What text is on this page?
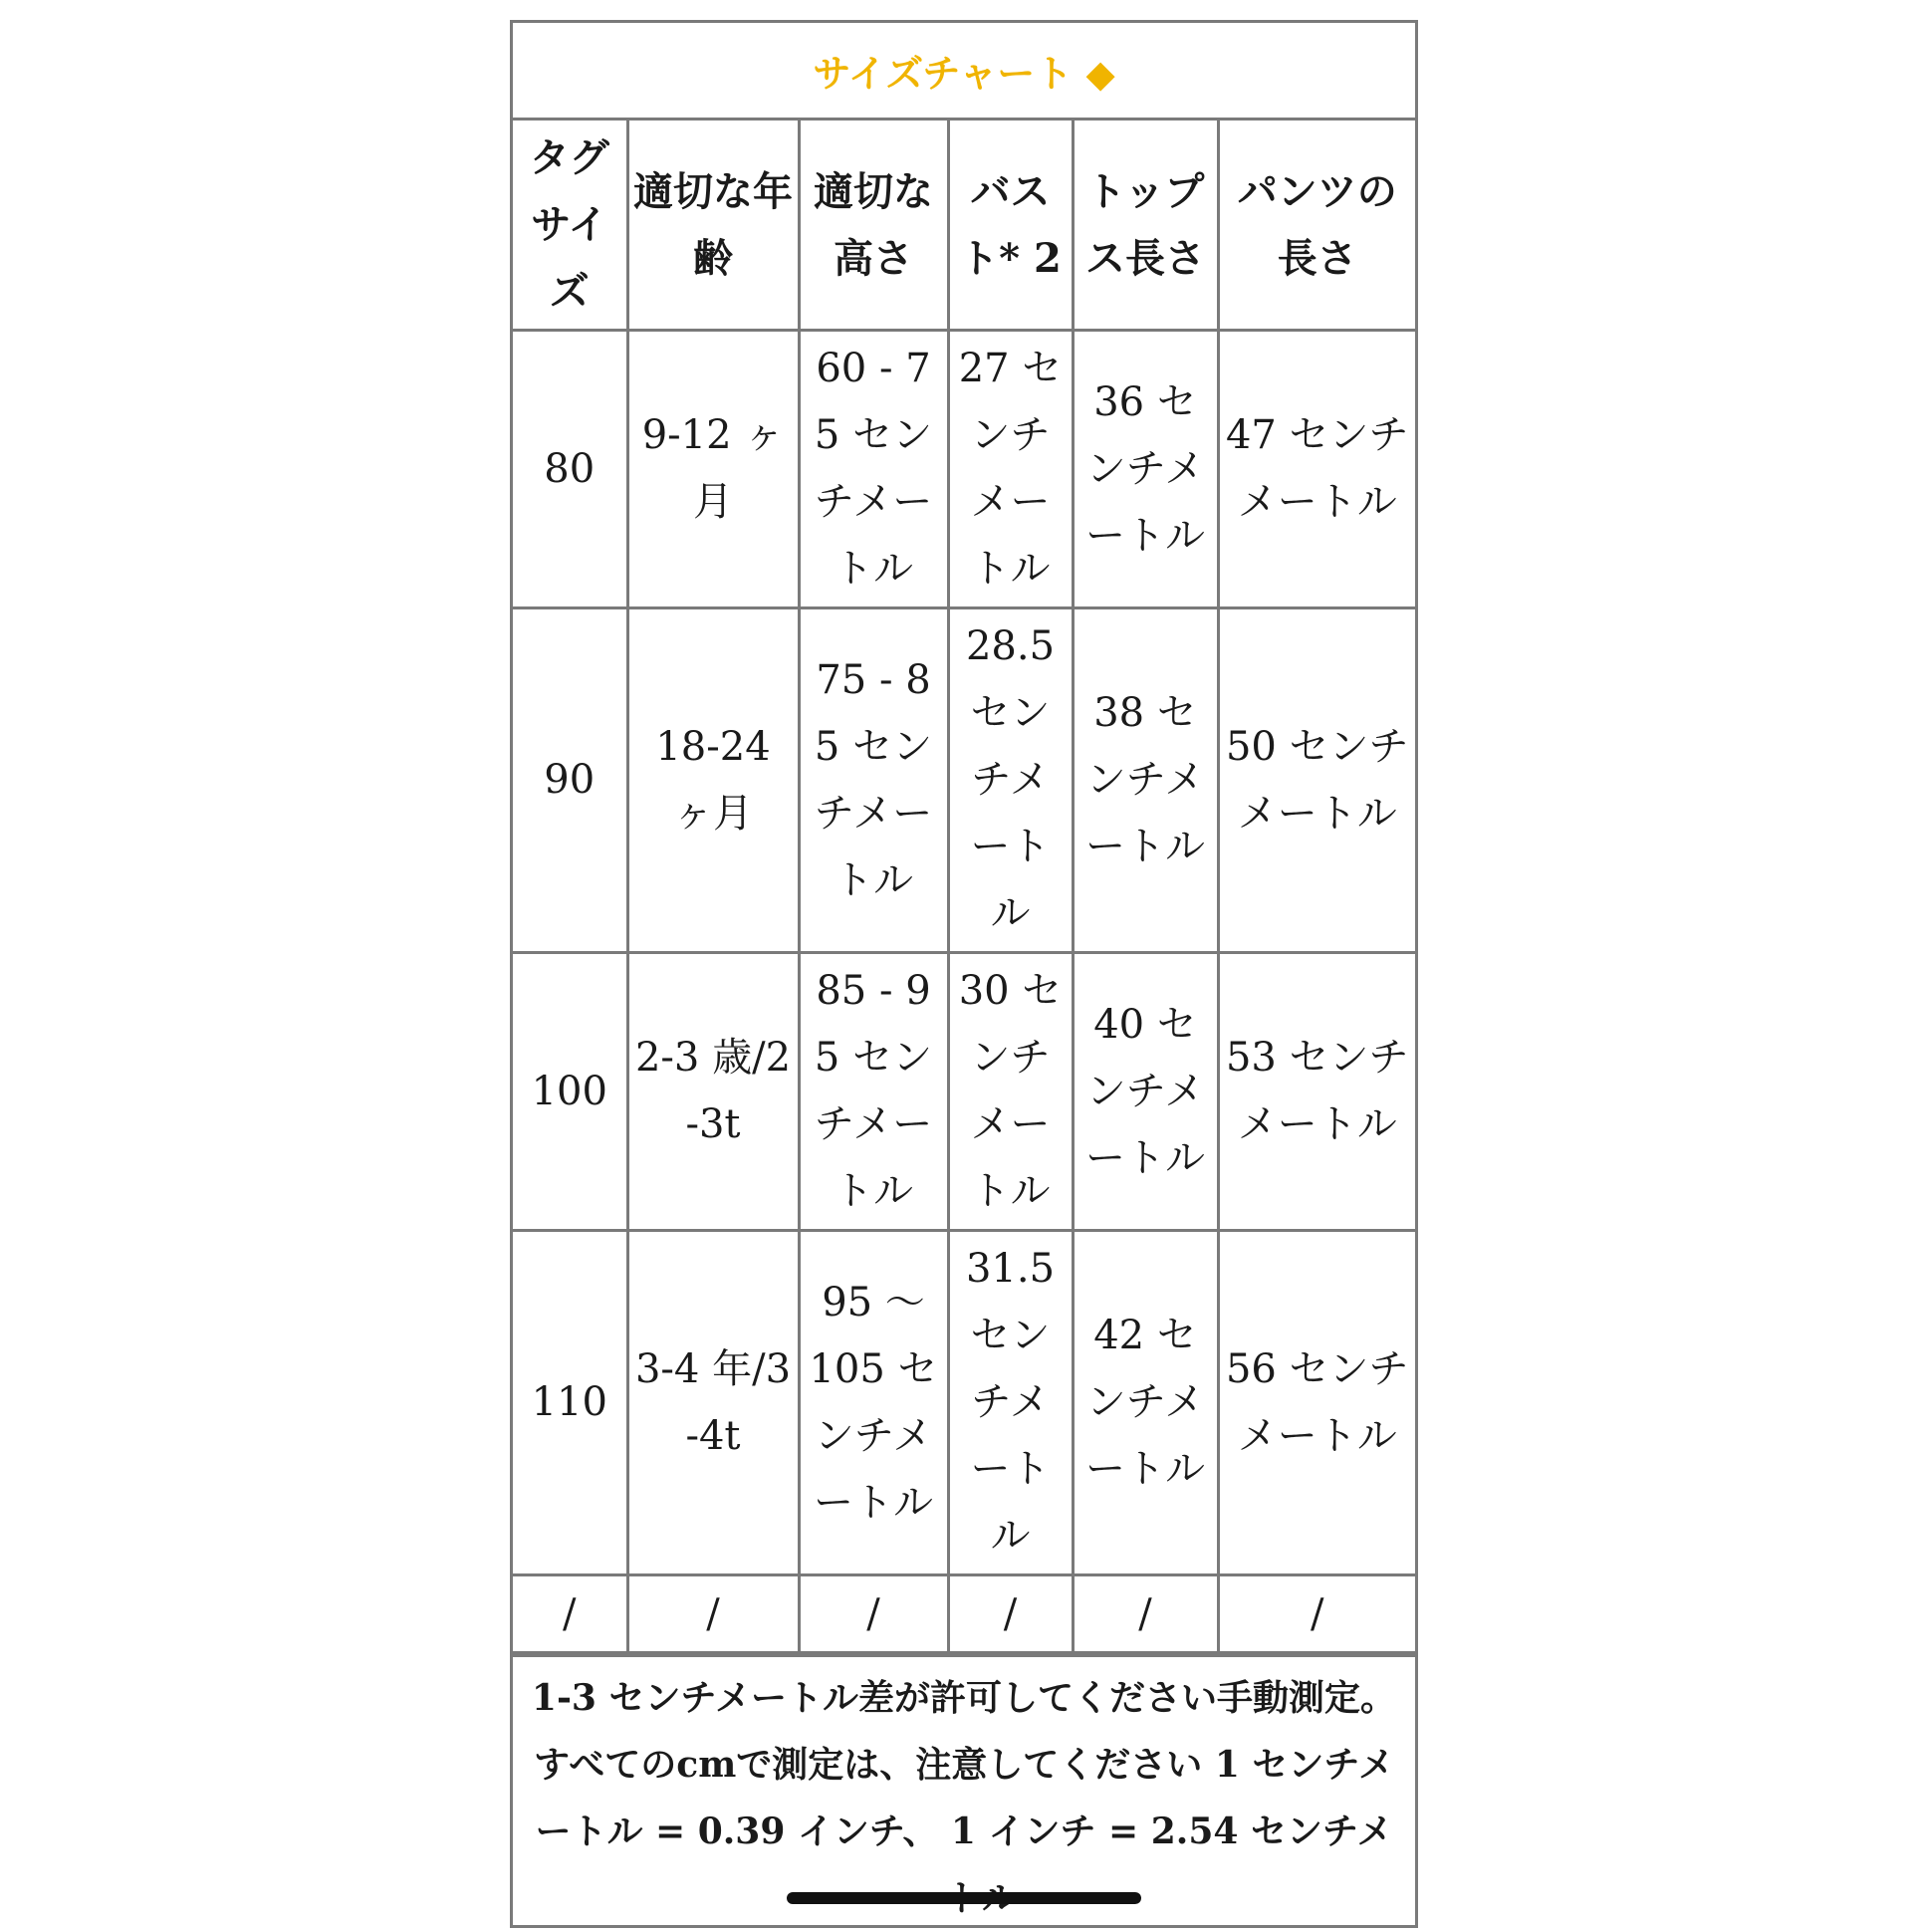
サイズチャート ◆
タグサイズ	適切な年齢	適切な高さ	バスト* 2	トップス長さ	パンツの長さ
80	9-12 ヶ月	60 - 75 センチメートル	27 センチメートル	36 センチメートル	47 センチメートル
90	18-24 ヶ月	75 - 85 センチメートル	28.5 センチメートル	38 センチメートル	50 センチメートル
100	2-3 歳/2-3t	85 - 95 センチメートル	30 センチメートル	40 センチメートル	53 センチメートル
110	3-4 年/3-4t	95 ～ 105 センチメートル	31.5 センチメートル	42 センチメートル	56 センチメートル
/	/	/	/	/	/
1-3 センチメートル差が許可してください手動測定。すべてのcmで測定は、注意してください 1 センチメートル = 0.39 インチ、 1 インチ = 2.54 センチメ
